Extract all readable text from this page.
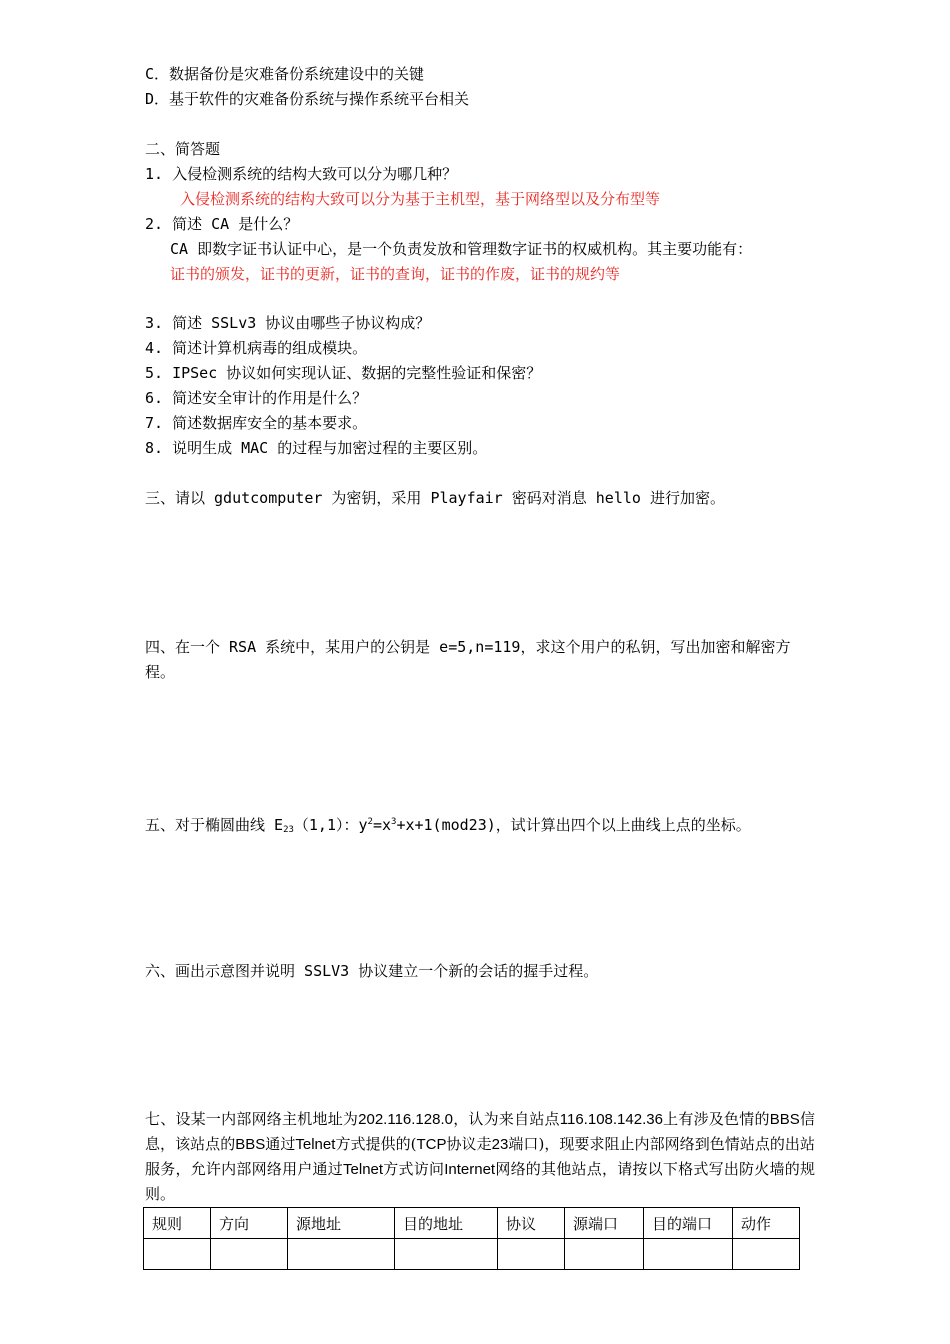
C．数据备份是灾难备份系统建设中的关键
D．基于软件的灾难备份系统与操作系统平台相关
二、简答题
1. 入侵检测系统的结构大致可以分为哪几种？
入侵检测系统的结构大致可以分为基于主机型，基于网络型以及分布型等
2. 简述 CA 是什么？
CA 即数字证书认证中心，是一个负责发放和管理数字证书的权威机构。其主要功能有：
证书的颁发，证书的更新，证书的查询，证书的作废，证书的规约等
3. 简述 SSLv3 协议由哪些子协议构成？
4. 简述计算机病毒的组成模块。
5. IPSec 协议如何实现认证、数据的完整性验证和保密？
6. 简述安全审计的作用是什么？
7. 简述数据库安全的基本要求。
8. 说明生成 MAC 的过程与加密过程的主要区别。
三、请以 gdutcomputer 为密钥，采用 Playfair 密码对消息 hello 进行加密。
四、在一个 RSA 系统中，某用户的公钥是 e=5,n=119，求这个用户的私钥，写出加密和解密方
程。
五、对于椭圆曲线 $E_{23}(1,1)$：$y^2=x^3+x+1(mod23)$，试计算出四个以上曲线上点的坐标。
六、画出示意图并说明 SSLV3 协议建立一个新的会话的握手过程。
七、设某一内部网络主机地址为202.116.128.0，认为来自站点116.108.142.36上有涉及色情的BBS信息，该站点的BBS通过Telnet方式提供的(TCP协议走23端口)，现要求阻止内部网络到色情站点的出站服务，允许内部网络用户通过Telnet方式访问Internet网络的其他站点，请按以下格式写出防火墙的规则。
规则	方向	源地址	目的地址	协议	源端口	目的端口	动作
